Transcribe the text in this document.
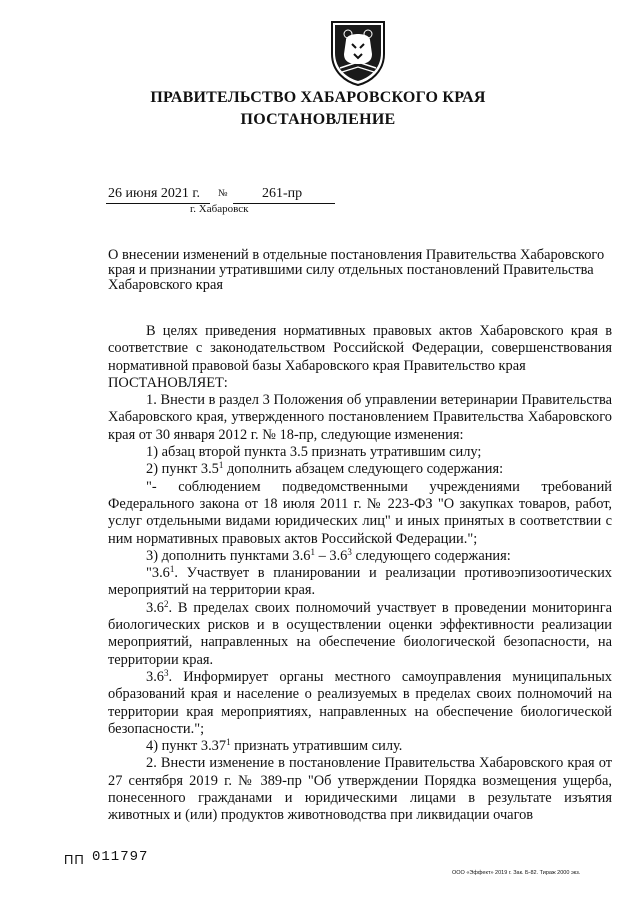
ПРАВИТЕЛЬСТВО ХАБАРОВСКОГО КРАЯ
ПОСТАНОВЛЕНИЕ
26 июня 2021 г. № 261-пр
г. Хабаровск
О внесении изменений в отдельные постановления Правительства Хабаровского края и признании утратившими силу отдельных постановлений Правительства Хабаровского края

В целях приведения нормативных правовых актов Хабаровского края в соответствие с законодательством Российской Федерации, совершенствования нормативной правовой базы Хабаровского края Правительство края

ПОСТАНОВЛЯЕТ:

1. Внести в раздел 3 Положения об управлении ветеринарии Правительства Хабаровского края, утвержденного постановлением Правительства Хабаровского края от 30 января 2012 г. № 18-пр, следующие изменения:

1) абзац второй пункта 3.5 признать утратившим силу;

2) пункт $3.5^1$ дополнить абзацем следующего содержания:

"- соблюдением подведомственными учреждениями требований Федерального закона от 18 июля 2011 г. № 223-ФЗ "О закупках товаров, работ, услуг отдельными видами юридических лиц" и иных принятых в соответствии с ним нормативных правовых актов Российской Федерации.";

3) дополнить пунктами $3.6^1 - 3.6^3$ следующего содержания:

"$3.6^1$. Участвует в планировании и реализации противоэпизоотических мероприятий на территории края.

$3.6^2$. В пределах своих полномочий участвует в проведении мониторинга биологических рисков и в осуществлении оценки эффективности реализации мероприятий, направленных на обеспечение биологической безопасности, на территории края.

$3.6^3$. Информирует органы местного самоуправления муниципальных образований края и население о реализуемых в пределах своих полномочий на территории края мероприятиях, направленных на обеспечение биологической безопасности.";

4) пункт 3.37$^1$ признать утратившим силу.

2. Внести изменение в постановление Правительства Хабаровского края от 27 сентября 2019 г. № 389-пр "Об утверждении Порядка возмещения ущерба, понесенного гражданами и юридическими лицами в результате изъятия животных и (или) продуктов животноводства при ликвидации очагов

ПП 011797
ООО «Эффект» 2019 г. Зак. Б-82. Тираж 2000 экз.
